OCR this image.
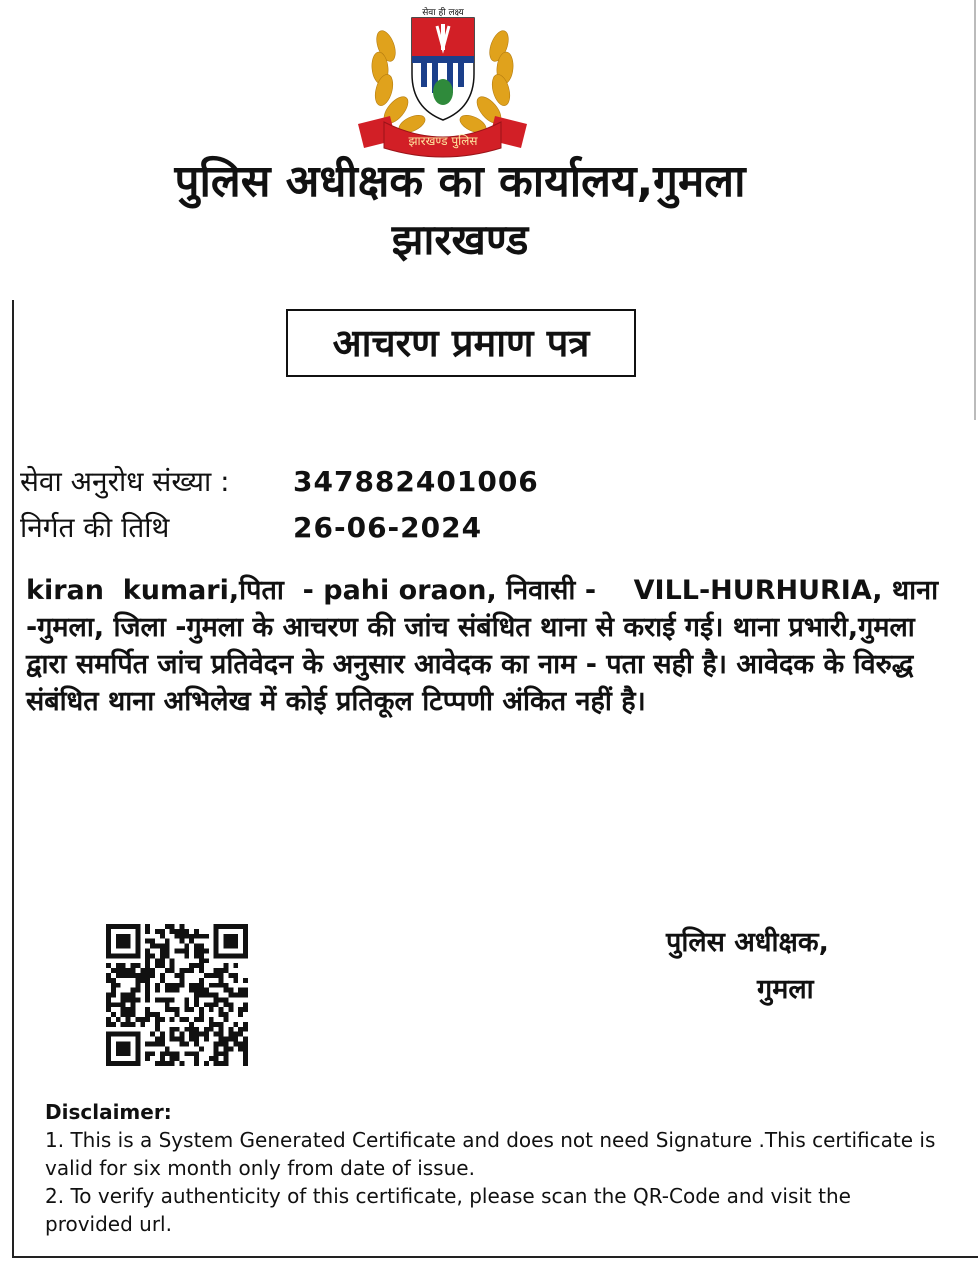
सेवा ही लक्ष्य
झारखण्ड पुलिस
पुलिस अधीक्षक का कार्यालय,गुमला
झारखण्ड
आचरण प्रमाण पत्र
सेवा अनुरोध संख्या : 347882401006
निर्गत की तिथि	26-06-2024
kiran  kumari,पिता  - pahi oraon, निवासी -    VILL-HURHURIA, थाना -गुमला, जिला -गुमला के आचरण की जांच संबंधित थाना से कराई गई। थाना प्रभारी,गुमला द्वारा समर्पित जांच प्रतिवेदन के अनुसार आवेदक का नाम - पता सही है। आवेदक के विरुद्ध संबंधित थाना अभिलेख में कोई प्रतिकूल टिप्पणी अंकित नहीं है।
पुलिस अधीक्षक,
गुमला
Disclaimer:
1. This is a System Generated Certificate and does not need Signature .This certificate is valid for six month only from date of issue.
2. To verify authenticity of this certificate, please scan the QR-Code and visit the provided url.
